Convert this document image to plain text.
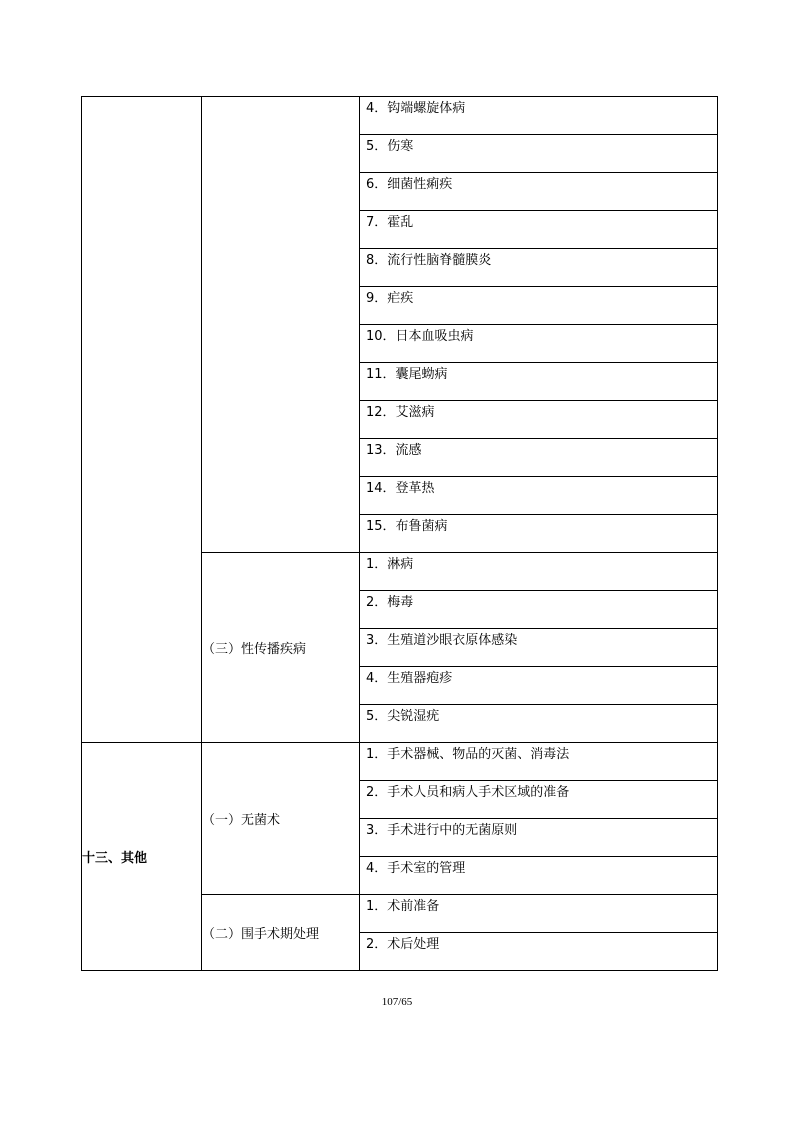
		4．钩端螺旋体病

		5．伤寒

		6．细菌性痢疾

		7．霍乱

		8．流行性脑脊髓膜炎

		9．疟疾

		10．日本血吸虫病

		11．囊尾蚴病

		12．艾滋病

		13．流感

		14．登革热

		15．布鲁菌病

	（三）性传播疾病	1．淋病

		2．梅毒

		3．生殖道沙眼衣原体感染

		4．生殖器疱疹

		5．尖锐湿疣

十三、其他	（一）无菌术	1．手术器械、物品的灭菌、消毒法

		2．手术人员和病人手术区域的准备

		3．手术进行中的无菌原则

		4．手术室的管理

	（二）围手术期处理	1．术前准备

		2．术后处理
107/65
